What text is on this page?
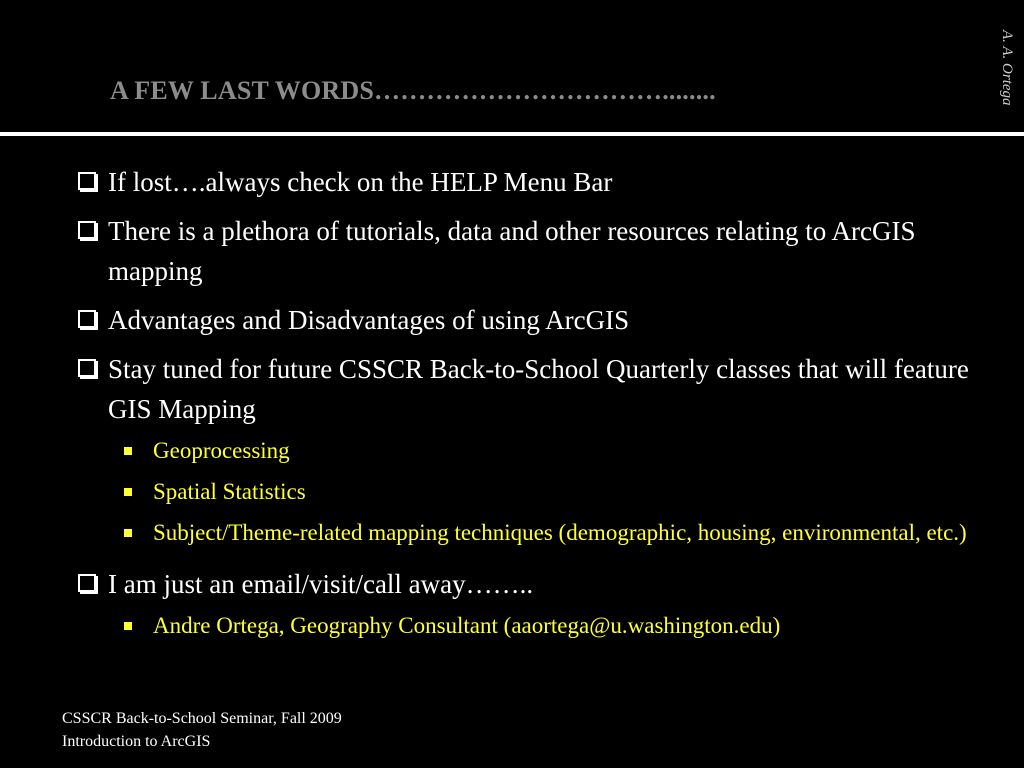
A FEW LAST WORDS……………………………........	A. A. Ortega
If lost….always check on the HELP Menu Bar
There is a plethora of tutorials, data and other resources relating to ArcGIS mapping
Advantages and Disadvantages of using ArcGIS
Stay tuned for future CSSCR Back-to-School Quarterly classes that will feature GIS Mapping
Geoprocessing
Spatial Statistics
Subject/Theme-related mapping techniques (demographic, housing, environmental, etc.)
I am just an email/visit/call away……..
Andre Ortega, Geography Consultant (aaortega@u.washington.edu)
CSSCR Back-to-School Seminar, Fall 2009
Introduction to ArcGIS
